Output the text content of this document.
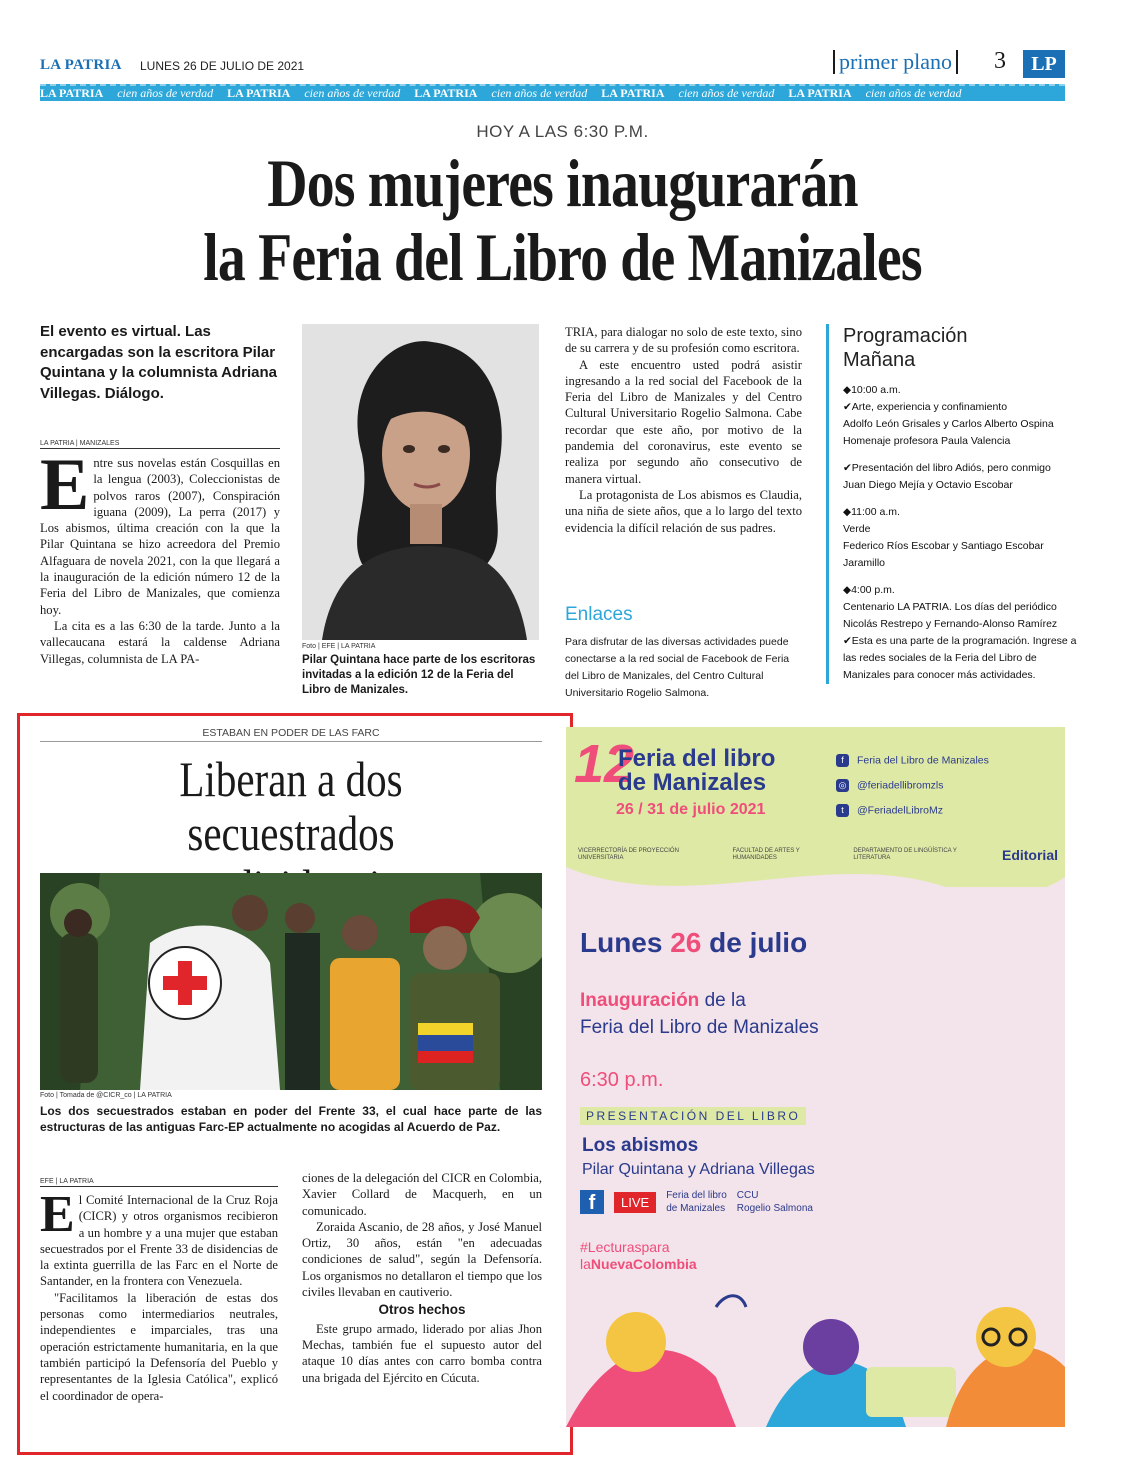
LA PATRIA LUNES 26 DE JULIO DE 2021	primer plano 3	LP
LA PATRIA	cien años de verdad	LA PATRIA	cien años de verdad	LA PATRIA	cien años de verdad	LA PATRIA	cien años de verdad	LA PATRIA	cien años de verdad
HOY A LAS 6:30 P.M.
Dos mujeres inaugurarán
la Feria del Libro de Manizales
El evento es virtual. Las encargadas son la escritora Pilar Quintana y la columnista Adriana Villegas. Diálogo.
LA PATRIA | MANIZALES
E ntre sus novelas están Cosquillas en la lengua (2003), Coleccionistas de polvos raros (2007), Conspiración iguana (2009), La perra (2017) y Los abismos, última creación con la que la Pilar Quintana se hizo acreedora del Premio Alfaguara de novela 2021, con la que llegará a la inauguración de la edición número 12 de la Feria del Libro de Manizales, que comienza hoy.

La cita es a las 6:30 de la tarde. Junto a la vallecaucana estará la caldense Adriana Villegas, columnista de LA PA-

Foto | EFE | LA PATRIA
Pilar Quintana hace parte de los escritoras invitadas a la edición 12 de la Feria del Libro de Manizales.

TRIA, para dialogar no solo de este texto, sino de su carrera y de su profesión como escritora.

A este encuentro usted podrá asistir ingresando a la red social del Facebook de la Feria del Libro de Manizales y del Centro Cultural Universitario Rogelio Salmona. Cabe recordar que este año, por motivo de la pandemia del coronavirus, este evento se realiza por segundo año consecutivo de manera virtual.

La protagonista de Los abismos es Claudia, una niña de siete años, que a lo largo del texto evidencia la difícil relación de sus padres.

Enlaces
Para disfrutar de las diversas actividades puede conectarse a la red social de Facebook de Feria del Libro de Manizales, del Centro Cultural Universitario Rogelio Salmona.
Programación
Mañana
◆10:00 a.m.
✔Arte, experiencia y confinamiento
Adolfo León Grisales y Carlos Alberto Ospina
Homenaje profesora Paula Valencia
✔Presentación del libro Adiós, pero conmigo
Juan Diego Mejía y Octavio Escobar
◆11:00 a.m.
Verde
Federico Ríos Escobar y Santiago Escobar Jaramillo
◆4:00 p.m.
Centenario LA PATRIA. Los días del periódico Nicolás Restrepo y Fernando-Alonso Ramírez
✔Esta es una parte de la programación. Ingrese a las redes sociales de la Feria del Libro de Manizales para conocer más actividades.
ESTABAN EN PODER DE LAS FARC
Liberan a dos secuestrados
Foto | Tomada de @CICR_co | LA PATRIA
Los dos secuestrados estaban en poder del Frente 33, el cual hace parte de las estructuras de las antiguas Farc-EP actualmente no acogidas al Acuerdo de Paz.
EFE | LA PATRIA
E l Comité Internacional de la Cruz Roja (CICR) y otros organismos recibieron a un hombre y a una mujer que estaban secuestrados por el Frente 33 de disidencias de la extinta guerrilla de las Farc en el Norte de Santander, en la frontera con Venezuela.

"Facilitamos la liberación de estas dos personas como intermediarios neutrales, independientes e imparciales, tras una operación estrictamente humanitaria, en la que también participó la Defensoría del Pueblo y representantes de la Iglesia Católica", explicó el coordinador de opera-

ciones de la delegación del CICR en Colombia, Xavier Collard de Macquerh, en un comunicado.

Zoraida Ascanio, de 28 años, y José Manuel Ortiz, 30 años, están "en adecuadas condiciones de salud", según la Defensoría. Los organismos no detallaron el tiempo que los civiles llevaban en cautiverio.

Otros hechos

Este grupo armado, liderado por alias Jhon Mechas, también fue el supuesto autor del ataque 10 días antes con carro bomba contra una brigada del Ejército en Cúcuta.

12
Feria del libro
de Manizales
26 / 31 de julio 2021
f Feria del Libro de Manizales
◎ @feriadellibromzls
t @FeriadelLibroMz
VICERRECTORÍA DE PROYECCIÓN UNIVERSITARIA
FACULTAD DE ARTES Y HUMANIDADES
DEPARTAMENTO DE LINGÜÍSTICA Y LITERATURA	Editorial
Lunes 26 de julio
Inauguración de la
Feria del Libro de Manizales
6:30 p.m.
PRESENTACIÓN DEL LIBRO
Los abismos
Pilar Quintana y Adriana Villegas
f	LIVE	Feria del libro
de Manizales
CCU
Rogelio Salmona
#Lecturaspara
laNuevaColombia
